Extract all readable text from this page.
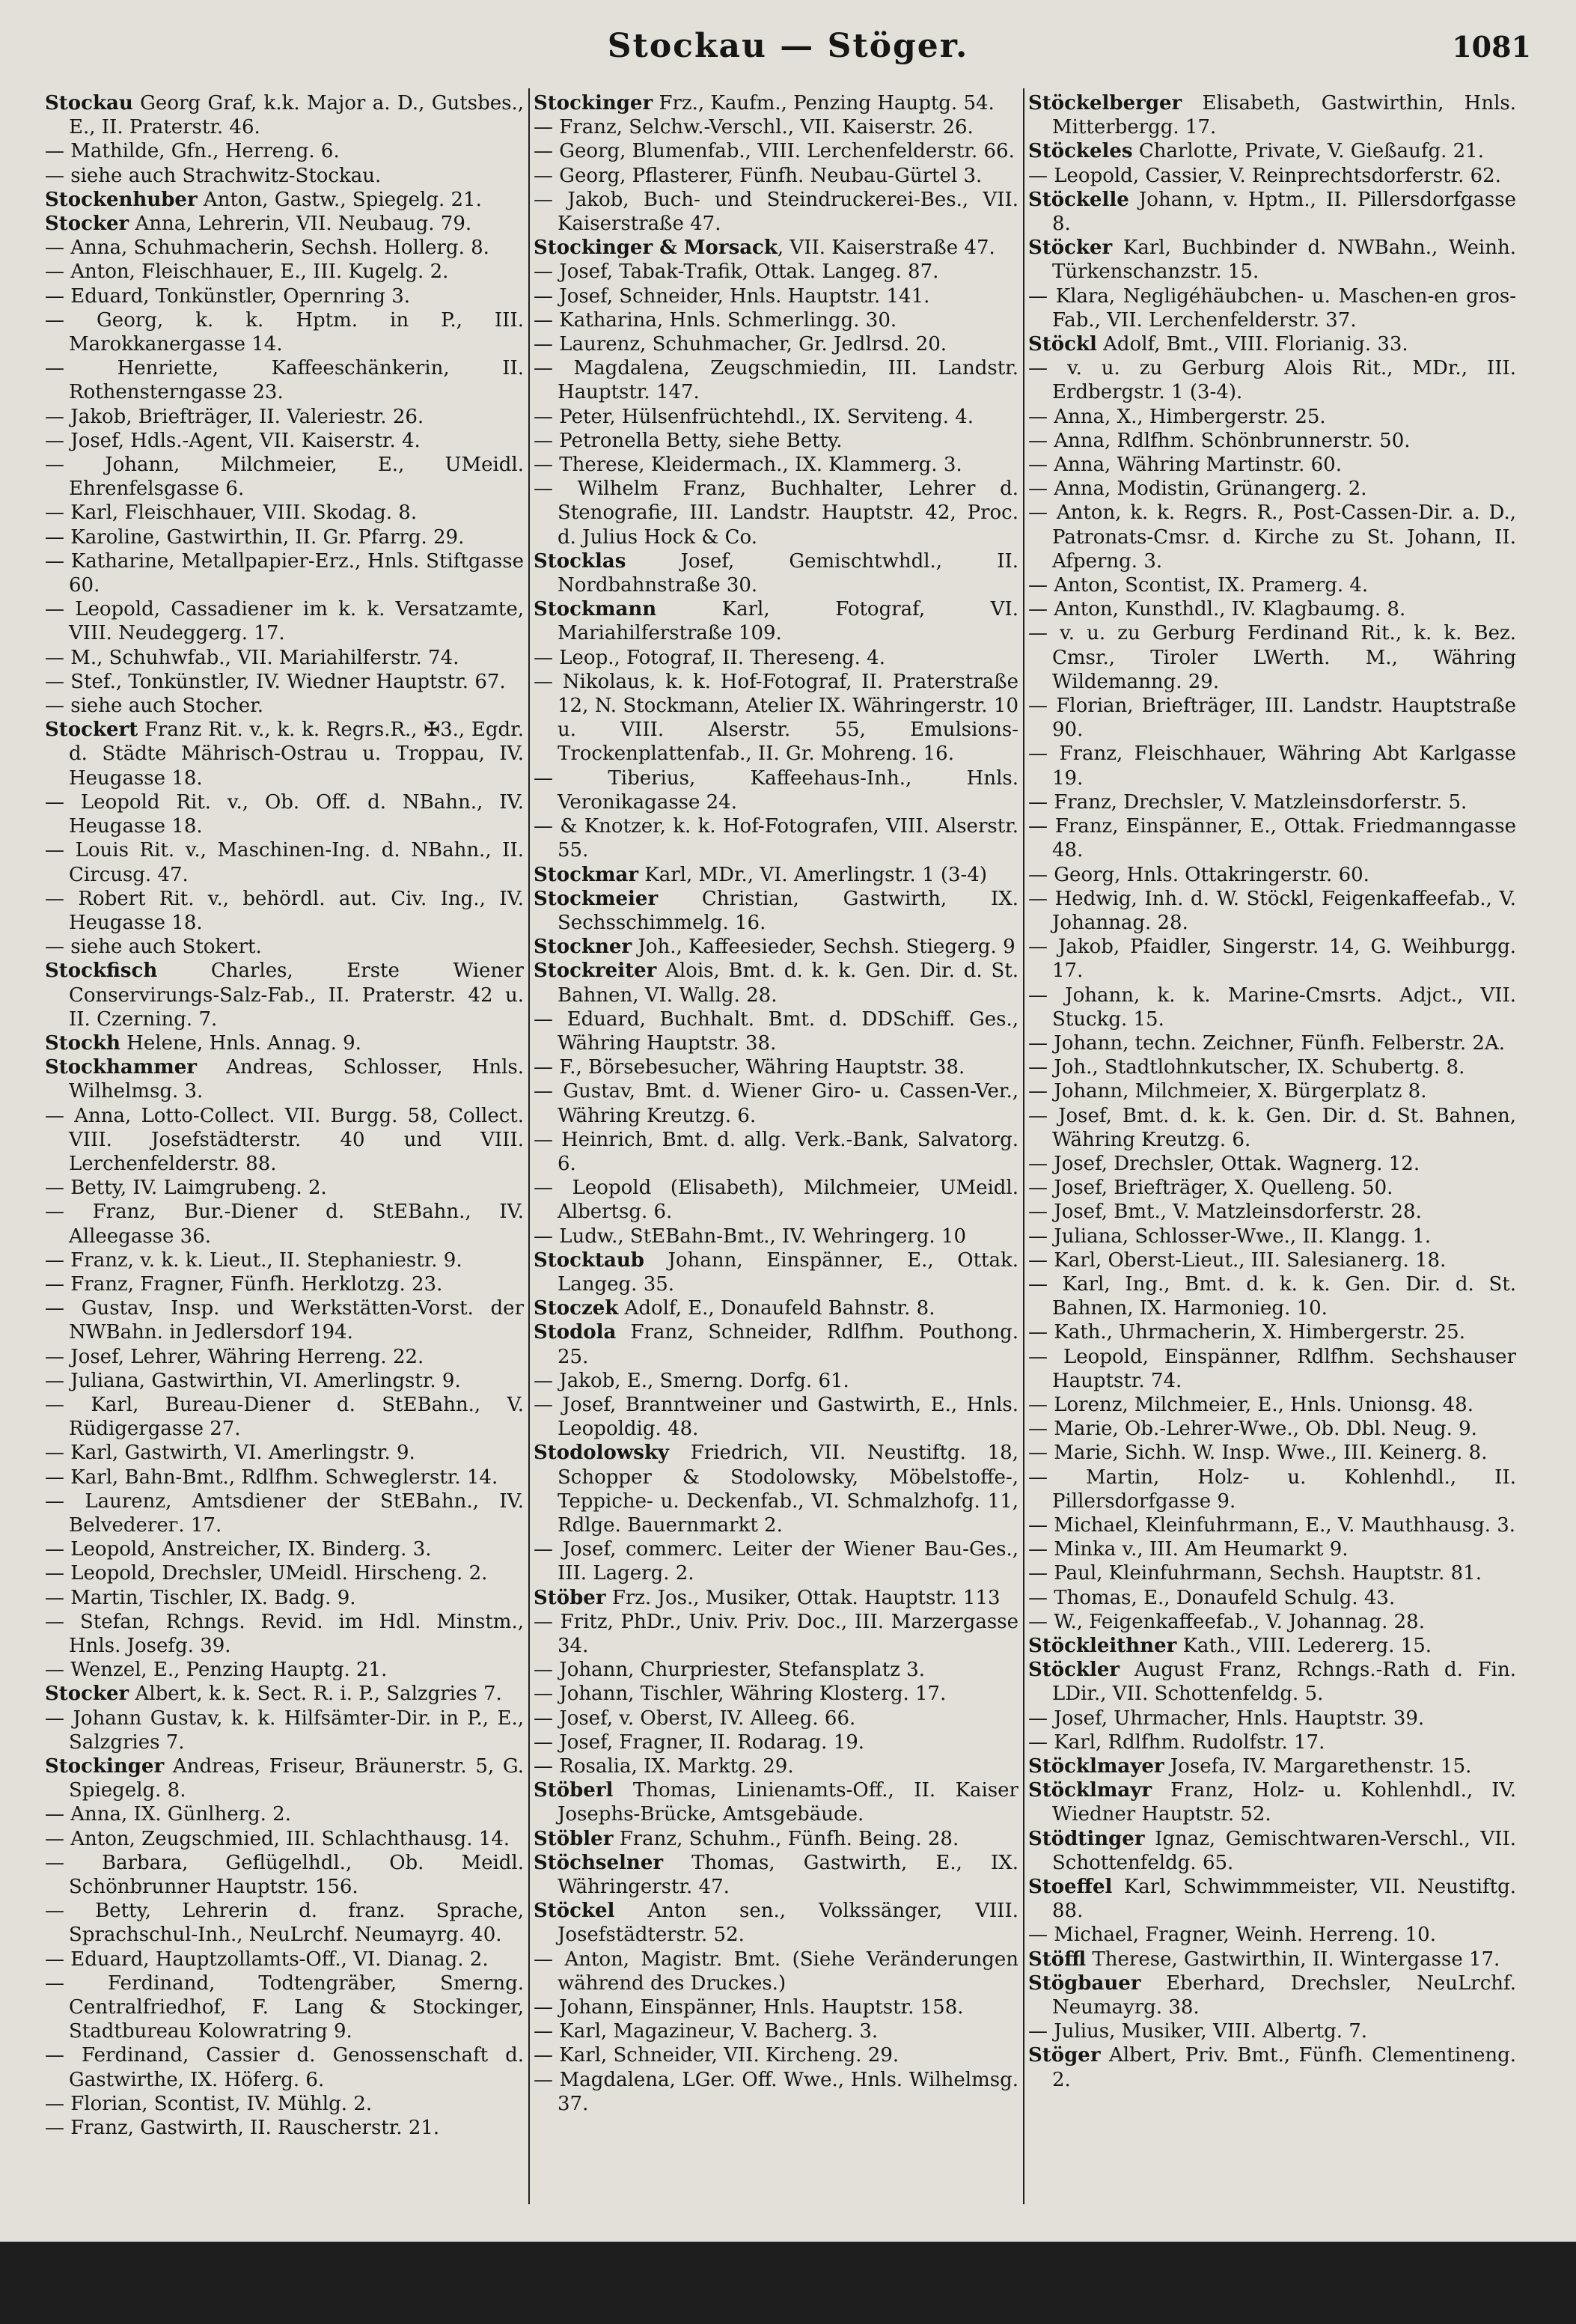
Stockau — Stöger.	1081
Stockau Georg Graf, k.k. Major a. D., Gutsbes., E., II. Praterstr. 46.
— Mathilde, Gfn., Herreng. 6.
— siehe auch Strachwitz-Stockau.
Stockenhuber Anton, Gastw., Spiegelg. 21.
Stocker Anna, Lehrerin, VII. Neubaug. 79.
— Anna, Schuhmacherin, Sechsh. Hollerg. 8.
— Anton, Fleischhauer, E., III. Kugelg. 2.
— Eduard, Tonkünstler, Opernring 3.
— Georg, k. k. Hptm. in P., III. Marokkanergasse 14.
— Henriette, Kaffeeschänkerin, II. Rothensterngasse 23.
— Jakob, Briefträger, II. Valeriestr. 26.
— Josef, Hdls.-Agent, VII. Kaiserstr. 4.
— Johann, Milchmeier, E., UMeidl. Ehrenfelsgasse 6.
— Karl, Fleischhauer, VIII. Skodag. 8.
— Karoline, Gastwirthin, II. Gr. Pfarrg. 29.
— Katharine, Metallpapier-Erz., Hnls. Stiftgasse 60.
— Leopold, Cassadiener im k. k. Versatzamte, VIII. Neudeggerg. 17.
— M., Schuhwfab., VII. Mariahilferstr. 74.
— Stef., Tonkünstler, IV. Wiedner Hauptstr. 67.
— siehe auch Stocher.
Stockert Franz Rit. v., k. k. Regrs.R., ✠3., Egdr. d. Städte Mährisch-Ostrau u. Troppau, IV. Heugasse 18.
— Leopold Rit. v., Ob. Off. d. NBahn., IV. Heugasse 18.
— Louis Rit. v., Maschinen-Ing. d. NBahn., II. Circusg. 47.
— Robert Rit. v., behördl. aut. Civ. Ing., IV. Heugasse 18.
— siehe auch Stokert.
Stockfisch Charles, Erste Wiener Conservirungs-Salz-Fab., II. Praterstr. 42 u. II. Czerning. 7.
Stockh Helene, Hnls. Annag. 9.
Stockhammer Andreas, Schlosser, Hnls. Wilhelmsg. 3.
— Anna, Lotto-Collect. VII. Burgg. 58, Collect. VIII. Josefstädterstr. 40 und VIII. Lerchenfelderstr. 88.
— Betty, IV. Laimgrubeng. 2.
— Franz, Bur.-Diener d. StEBahn., IV. Alleegasse 36.
— Franz, v. k. k. Lieut., II. Stephaniestr. 9.
— Franz, Fragner, Fünfh. Herklotzg. 23.
— Gustav, Insp. und Werkstätten-Vorst. der NWBahn. in Jedlersdorf 194.
— Josef, Lehrer, Währing Herreng. 22.
— Juliana, Gastwirthin, VI. Amerlingstr. 9.
— Karl, Bureau-Diener d. StEBahn., V. Rüdigergasse 27.
— Karl, Gastwirth, VI. Amerlingstr. 9.
— Karl, Bahn-Bmt., Rdlfhm. Schweglerstr. 14.
— Laurenz, Amtsdiener der StEBahn., IV. Belvederег. 17.
— Leopold, Anstreicher, IX. Binderg. 3.
— Leopold, Drechsler, UMeidl. Hirscheng. 2.
— Martin, Tischler, IX. Badg. 9.
— Stefan, Rchngs. Revid. im Hdl. Minstm., Hnls. Josefg. 39.
— Wenzel, E., Penzing Hauptg. 21.
Stocker Albert, k. k. Sect. R. i. P., Salzgries 7.
— Johann Gustav, k. k. Hilfsämter-Dir. in P., E., Salzgries 7.
Stockinger Andreas, Friseur, Bräunerstr. 5, G. Spiegelg. 8.
— Anna, IX. Günlherg. 2.
— Anton, Zeugschmied, III. Schlachthausg. 14.
— Barbara, Geflügelhdl., Ob. Meidl. Schönbrunner Hauptstr. 156.
— Betty, Lehrerin d. franz. Sprache, Sprachschul-Inh., NeuLrchf. Neumayrg. 40.
— Eduard, Hauptzollamts-Off., VI. Dianag. 2.
— Ferdinand, Todtengräber, Smerng. Centralfriedhof, F. Lang & Stockinger, Stadtbureau Kolowratring 9.
— Ferdinand, Cassier d. Genossenschaft d. Gastwirthe, IX. Höferg. 6.
— Florian, Scontist, IV. Mühlg. 2.
— Franz, Gastwirth, II. Rauscherstr. 21.
Stockinger Frz., Kaufm., Penzing Hauptg. 54.
— Franz, Selchw.-Verschl., VII. Kaiserstr. 26.
— Georg, Blumenfab., VIII. Lerchenfelderstr. 66.
— Georg, Pflasterer, Fünfh. Neubau-Gürtel 3.
— Jakob, Buch- und Steindruckerei-Bes., VII. Kaiserstraße 47.
Stockinger & Morsack, VII. Kaiserstraße 47.
— Josef, Tabak-Trafik, Ottak. Langeg. 87.
— Josef, Schneider, Hnls. Hauptstr. 141.
— Katharina, Hnls. Schmerlingg. 30.
— Laurenz, Schuhmacher, Gr. Jedlrsd. 20.
— Magdalena, Zeugschmiedin, III. Landstr. Hauptstr. 147.
— Peter, Hülsenfrüchtehdl., IX. Serviteng. 4.
— Petronella Betty, siehe Betty.
— Therese, Kleidermach., IX. Klammerg. 3.
— Wilhelm Franz, Buchhalter, Lehrer d. Stenografie, III. Landstr. Hauptstr. 42, Proc. d. Julius Hock & Co.
Stocklas Josef, Gemischtwhdl., II. Nordbahnstraße 30.
Stockmann Karl, Fotograf, VI. Mariahilferstraße 109.
— Leop., Fotograf, II. Thereseng. 4.
— Nikolaus, k. k. Hof-Fotograf, II. Praterstraße 12, N. Stockmann, Atelier IX. Währingerstr. 10 u. VIII. Alserstr. 55, Emulsions-Trockenplattenfab., II. Gr. Mohreng. 16.
— Tiberius, Kaffeehaus-Inh., Hnls. Veronikagasse 24.
— & Knotzer, k. k. Hof-Fotografen, VIII. Alserstr. 55.
Stockmar Karl, MDr., VI. Amerlingstr. 1 (3-4)
Stockmeier Christian, Gastwirth, IX. Sechsschimmelg. 16.
Stockner Joh., Kaffeesieder, Sechsh. Stiegerg. 9
Stockreiter Alois, Bmt. d. k. k. Gen. Dir. d. St. Bahnen, VI. Wallg. 28.
— Eduard, Buchhalt. Bmt. d. DDSchiff. Ges., Währing Hauptstr. 38.
— F., Börsebesucher, Währing Hauptstr. 38.
— Gustav, Bmt. d. Wiener Giro- u. Cassen-Ver., Währing Kreutzg. 6.
— Heinrich, Bmt. d. allg. Verk.-Bank, Salvatorg. 6.
— Leopold (Elisabeth), Milchmeier, UMeidl. Albertsg. 6.
— Ludw., StEBahn-Bmt., IV. Wehringerg. 10
Stocktaub Johann, Einspänner, E., Ottak. Langeg. 35.
Stoczek Adolf, E., Donaufeld Bahnstr. 8.
Stodola Franz, Schneider, Rdlfhm. Pouthong. 25.
— Jakob, E., Smerng. Dorfg. 61.
— Josef, Branntweiner und Gastwirth, E., Hnls. Leopoldig. 48.
Stodolowsky Friedrich, VII. Neustiftg. 18, Schopper & Stodolowsky, Möbelstoffe-, Teppiche- u. Deckenfab., VI. Schmalzhofg. 11, Rdlge. Bauernmarkt 2.
— Josef, commerc. Leiter der Wiener Bau-Ges., III. Lagerg. 2.
Stöber Frz. Jos., Musiker, Ottak. Hauptstr. 113
— Fritz, PhDr., Univ. Priv. Doc., III. Marzergasse 34.
— Johann, Churpriester, Stefansplatz 3.
— Johann, Tischler, Währing Klosterg. 17.
— Josef, v. Oberst, IV. Alleeg. 66.
— Josef, Fragner, II. Rodarag. 19.
— Rosalia, IX. Marktg. 29.
Stöberl Thomas, Linienamts-Off., II. Kaiser Josephs-Brücke, Amtsgebäude.
Stöbler Franz, Schuhm., Fünfh. Being. 28.
Stöchselner Thomas, Gastwirth, E., IX. Währingerstr. 47.
Stöckel Anton sen., Volkssänger, VIII. Josefstädterstr. 52.
— Anton, Magistr. Bmt. (Siehe Veränderungen während des Druckes.)
— Johann, Einspänner, Hnls. Hauptstr. 158.
— Karl, Magazineur, V. Bacherg. 3.
— Karl, Schneider, VII. Kircheng. 29.
— Magdalena, LGer. Off. Wwe., Hnls. Wilhelmsg. 37.
Stöckelberger Elisabeth, Gastwirthin, Hnls. Mitterbergg. 17.
Stöckeles Charlotte, Private, V. Gießaufg. 21.
— Leopold, Cassier, V. Reinprechtsdorferstr. 62.
Stöckelle Johann, v. Hptm., II. Pillersdorfgasse 8.
Stöcker Karl, Buchbinder d. NWBahn., Weinh. Türkenschanzstr. 15.
— Klara, Negligéhäubchen- u. Maschen-en gros-Fab., VII. Lerchenfelderstr. 37.
Stöckl Adolf, Bmt., VIII. Florianig. 33.
— v. u. zu Gerburg Alois Rit., MDr., III. Erdbergstr. 1 (3-4).
— Anna, X., Himbergerstr. 25.
— Anna, Rdlfhm. Schönbrunnerstr. 50.
— Anna, Währing Martinstr. 60.
— Anna, Modistin, Grünangerg. 2.
— Anton, k. k. Regrs. R., Post-Cassen-Dir. a. D., Patronats-Cmsr. d. Kirche zu St. Johann, II. Afperng. 3.
— Anton, Scontist, IX. Pramerg. 4.
— Anton, Kunsthdl., IV. Klagbaumg. 8.
— v. u. zu Gerburg Ferdinand Rit., k. k. Bez. Cmsr., Tiroler LWerth. M., Währing Wildemanng. 29.
— Florian, Briefträger, III. Landstr. Hauptstraße 90.
— Franz, Fleischhauer, Währing Abt Karlgasse 19.
— Franz, Drechsler, V. Matzleinsdorferstr. 5.
— Franz, Einspänner, E., Ottak. Friedmanngasse 48.
— Georg, Hnls. Ottakringerstr. 60.
— Hedwig, Inh. d. W. Stöckl, Feigenkaffeefab., V. Johannag. 28.
— Jakob, Pfaidler, Singerstr. 14, G. Weihburgg. 17.
— Johann, k. k. Marine-Cmsrts. Adjct., VII. Stuckg. 15.
— Johann, techn. Zeichner, Fünfh. Felberstr. 2A.
— Joh., Stadtlohnkutscher, IX. Schubertg. 8.
— Johann, Milchmeier, X. Bürgerplatz 8.
— Josef, Bmt. d. k. k. Gen. Dir. d. St. Bahnen, Währing Kreutzg. 6.
— Josef, Drechsler, Ottak. Wagnerg. 12.
— Josef, Briefträger, X. Quelleng. 50.
— Josef, Bmt., V. Matzleinsdorferstr. 28.
— Juliana, Schlosser-Wwe., II. Klangg. 1.
— Karl, Oberst-Lieut., III. Salesianerg. 18.
— Karl, Ing., Bmt. d. k. k. Gen. Dir. d. St. Bahnen, IX. Harmonieg. 10.
— Kath., Uhrmacherin, X. Himbergerstr. 25.
— Leopold, Einspänner, Rdlfhm. Sechshauser Hauptstr. 74.
— Lorenz, Milchmeier, E., Hnls. Unionsg. 48.
— Marie, Ob.-Lehrer-Wwe., Ob. Dbl. Neug. 9.
— Marie, Sichh. W. Insp. Wwe., III. Keinerg. 8.
— Martin, Holz- u. Kohlenhdl., II. Pillersdorfgasse 9.
— Michael, Kleinfuhrmann, E., V. Mauthhausg. 3.
— Minka v., III. Am Heumarkt 9.
— Paul, Kleinfuhrmann, Sechsh. Hauptstr. 81.
— Thomas, E., Donaufeld Schulg. 43.
— W., Feigenkaffeefab., V. Johannag. 28.
Stöckleithner Kath., VIII. Ledererg. 15.
Stöckler August Franz, Rchngs.-Rath d. Fin. LDir., VII. Schottenfeldg. 5.
— Josef, Uhrmacher, Hnls. Hauptstr. 39.
— Karl, Rdlfhm. Rudolfstr. 17.
Stöcklmayer Josefa, IV. Margarethenstr. 15.
Stöcklmayr Franz, Holz- u. Kohlenhdl., IV. Wiedner Hauptstr. 52.
Stödtinger Ignaz, Gemischtwaren-Verschl., VII. Schottenfeldg. 65.
Stoeffel Karl, Schwimmmeister, VII. Neustiftg. 88.
— Michael, Fragner, Weinh. Herreng. 10.
Stöffl Therese, Gastwirthin, II. Wintergasse 17.
Stögbauer Eberhard, Drechsler, NeuLrchf. Neumayrg. 38.
— Julius, Musiker, VIII. Albertg. 7.
Stöger Albert, Priv. Bmt., Fünfh. Clementineng. 2.
